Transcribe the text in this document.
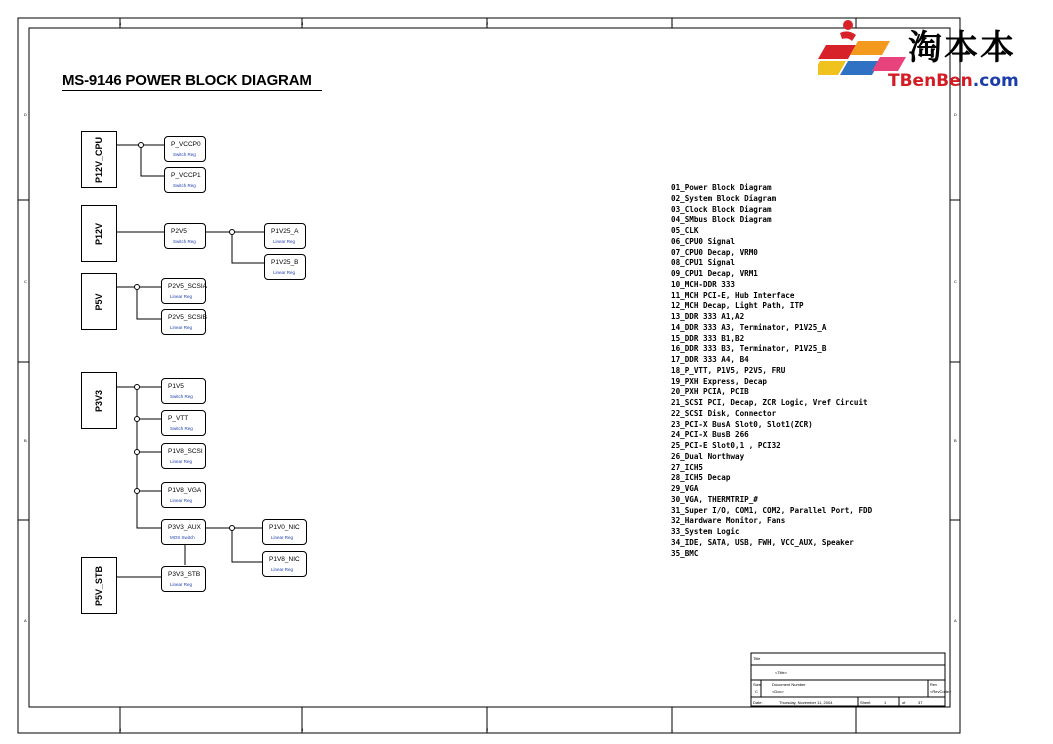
D
C
B
A
D
C
B
A
4	3	2	1
4	3	2	1
MS-9146 POWER BLOCK DIAGRAM
P12V_CPU
P12V
P5V
P3V3
P5V_STB
P_VCCP0
Switch Reg
P_VCCP1
Switch Reg
P2V5
Switch Reg
P1V25_A
Linear Reg
P1V25_B
Linear Reg
P2V5_SCSIA
Linear Reg
P2V5_SCSIB
Linear Reg
P1V5
Switch Reg
P_VTT
Switch Reg
P1V8_SCSI
Linear Reg
P1V8_VGA
Linear Reg
P3V3_AUX
MOS Switch
P1V0_NIC
Linear Reg
P1V8_NIC
Linear Reg
P3V3_STB
Linear Reg
01_Power Block Diagram
02_System Block Diagram
03_Clock Block Diagram
04_SMbus Block Diagram
05_CLK
06_CPU0 Signal
07_CPU0 Decap, VRM0
08_CPU1 Signal
09_CPU1 Decap, VRM1
10_MCH-DDR 333
11_MCH PCI-E, Hub Interface
12_MCH Decap, Light Path, ITP
13_DDR 333 A1,A2
14_DDR 333 A3, Terminator, P1V25_A
15_DDR 333 B1,B2
16_DDR 333 B3, Terminator, P1V25_B
17_DDR 333 A4, B4
18_P_VTT, P1V5, P2V5, FRU
19_PXH Express, Decap
20_PXH PCIA, PCIB
21_SCSI PCI, Decap, ZCR Logic, Vref Circuit
22_SCSI Disk, Connector
23_PCI-X BusA Slot0, Slot1(ZCR)
24_PCI-X BusB 266
25_PCI-E Slot0,1 , PCI32
26_Dual Northway
27_ICH5
28_ICH5 Decap
29_VGA
30_VGA, THERMTRIP_#
31_Super I/O, COM1, COM2, Parallel Port, FDD
32_Hardware Monitor, Fans
33_System Logic
34_IDE, SATA, USB, FWH, VCC_AUX, Speaker
35_BMC
Title
<Title>
Size
C
Document Number
<Doc>
Rev
<RevCode>
Date:	Thursday, November 11, 2004	Sheet	1	of	37
淘本本
TBenBen.com
